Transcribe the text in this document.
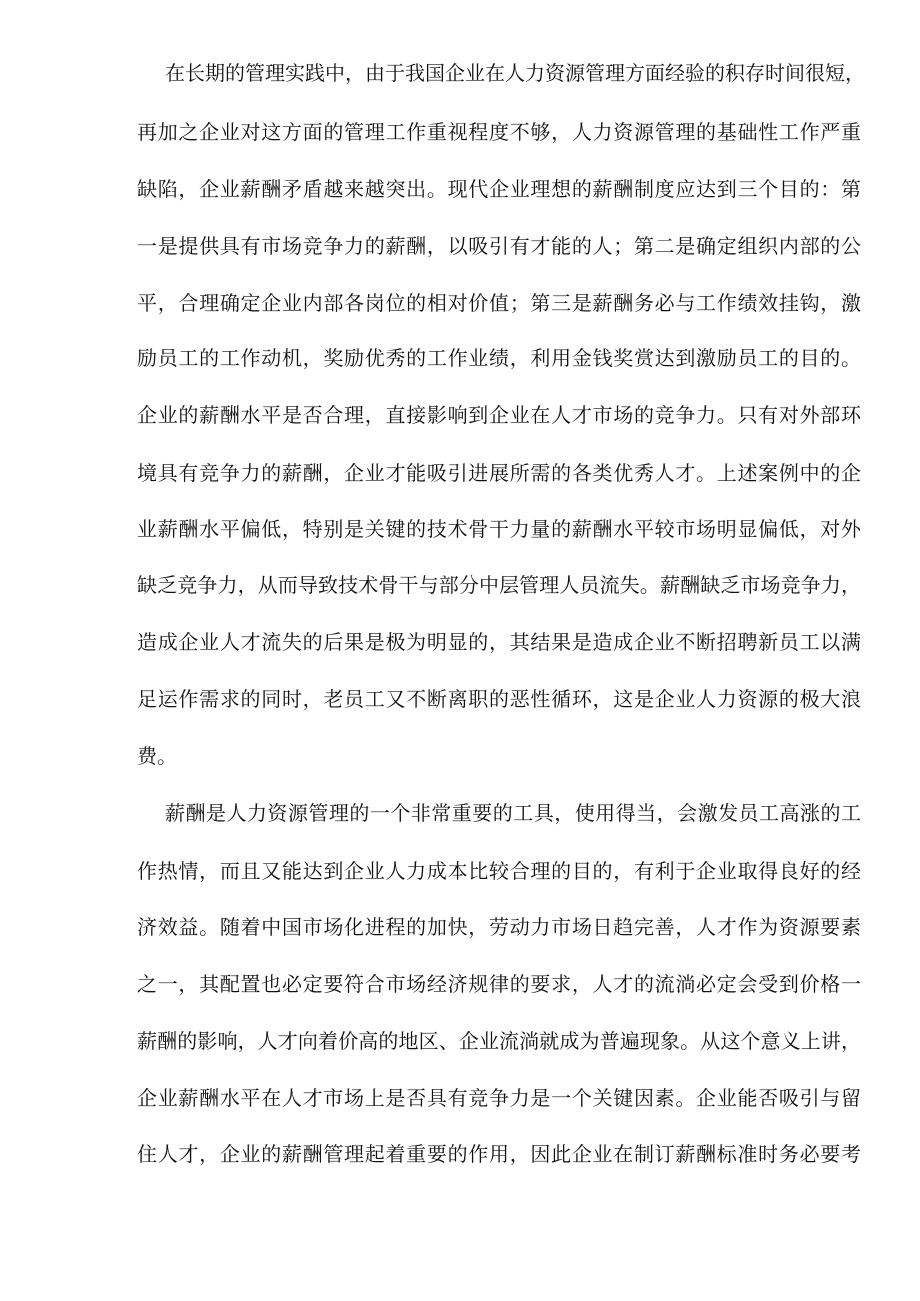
在长期的管理实践中，由于我国企业在人力资源管理方面经验的积存时间很短，

再加之企业对这方面的管理工作重视程度不够，人力资源管理的基础性工作严重

缺陷，企业薪酬矛盾越来越突出。现代企业理想的薪酬制度应达到三个目的：第

一是提供具有市场竞争力的薪酬，以吸引有才能的人；第二是确定组织内部的公

平，合理确定企业内部各岗位的相对价值；第三是薪酬务必与工作绩效挂钩，激

励员工的工作动机，奖励优秀的工作业绩，利用金钱奖赏达到激励员工的目的。

企业的薪酬水平是否合理，直接影响到企业在人才市场的竞争力。只有对外部环

境具有竞争力的薪酬，企业才能吸引进展所需的各类优秀人才。上述案例中的企

业薪酬水平偏低，特别是关键的技术骨干力量的薪酬水平较市场明显偏低，对外

缺乏竞争力，从而导致技术骨干与部分中层管理人员流失。薪酬缺乏市场竞争力，

造成企业人才流失的后果是极为明显的，其结果是造成企业不断招聘新员工以满

足运作需求的同时，老员工又不断离职的恶性循环，这是企业人力资源的极大浪

费。

薪酬是人力资源管理的一个非常重要的工具，使用得当，会激发员工高涨的工

作热情，而且又能达到企业人力成本比较合理的目的，有利于企业取得良好的经

济效益。随着中国市场化进程的加快，劳动力市场日趋完善，人才作为资源要素

之一，其配置也必定要符合市场经济规律的要求，人才的流淌必定会受到价格一

薪酬的影响，人才向着价高的地区、企业流淌就成为普遍现象。从这个意义上讲，

企业薪酬水平在人才市场上是否具有竞争力是一个关键因素。企业能否吸引与留

住人才，企业的薪酬管理起着重要的作用，因此企业在制订薪酬标准时务必要考
